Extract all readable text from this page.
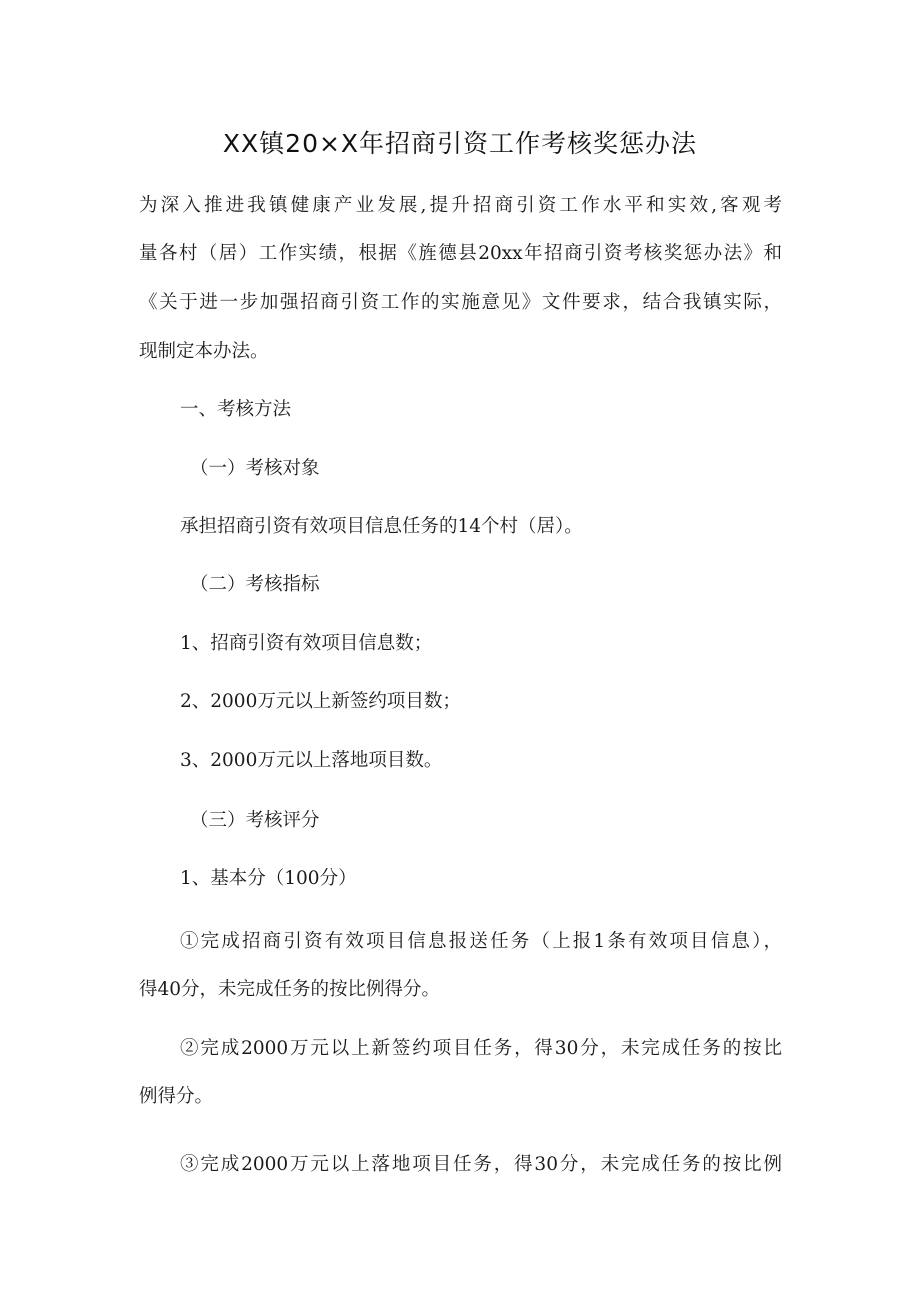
XX镇20×X年招商引资工作考核奖惩办法
为深入推进我镇健康产业发展,提升招商引资工作水平和实效,客观考
量各村（居）工作实绩，根据《旌德县20xx年招商引资考核奖惩办法》和
《关于进一步加强招商引资工作的实施意见》文件要求，结合我镇实际，
现制定本办法。
一、考核方法
（一）考核对象
承担招商引资有效项目信息任务的14个村（居）。
（二）考核指标
1、招商引资有效项目信息数；
2、2000万元以上新签约项目数；
3、2000万元以上落地项目数。
（三）考核评分
1、基本分（100分）
①完成招商引资有效项目信息报送任务（上报1条有效项目信息），
得40分，未完成任务的按比例得分。
②完成2000万元以上新签约项目任务，得30分，未完成任务的按比
例得分。
③完成2000万元以上落地项目任务，得30分，未完成任务的按比例
